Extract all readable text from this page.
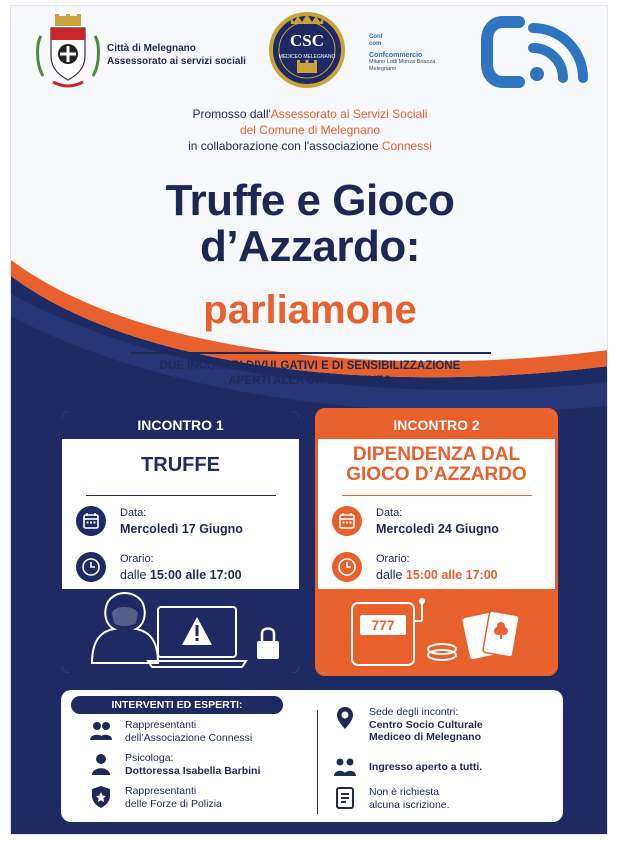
Città di Melegnano
Assessorato ai servizi sociali
CSC
MEDICEO MELEGNANO
Conf
com
Confcommercio
Milano Lodi Monza Brianza
Melegnano
Promosso dall'Assessorato ai Servizi Sociali
del Comune di Melegnano
in collaborazione con l'associazione Connessi
Truffe e Gioco
d’Azzardo:
parliamone
DUE INCONTRI DIVULGATIVI E DI SENSIBILIZZAZIONE
APERTI ALLA CITTADINANZA
INCONTRO 1
TRUFFE
Data:
Mercoledì 17 Giugno
Orario:
dalle 15:00 alle 17:00
INCONTRO 2
DIPENDENZA DAL
GIOCO D’AZZARDO
Data:
Mercoledì 24 Giugno
Orario:
dalle 15:00 alle 17:00
777
INTERVENTI ED ESPERTI:
Rappresentanti
dell’Associazione Connessi
Psicologa:
Dottoressa Isabella Barbini
Rappresentanti
delle Forze di Polizia
Sede degli incontri:
Centro Socio Culturale
Mediceo di Melegnano
Ingresso aperto a tutti.
Non è richiesta
alcuna iscrizione.
